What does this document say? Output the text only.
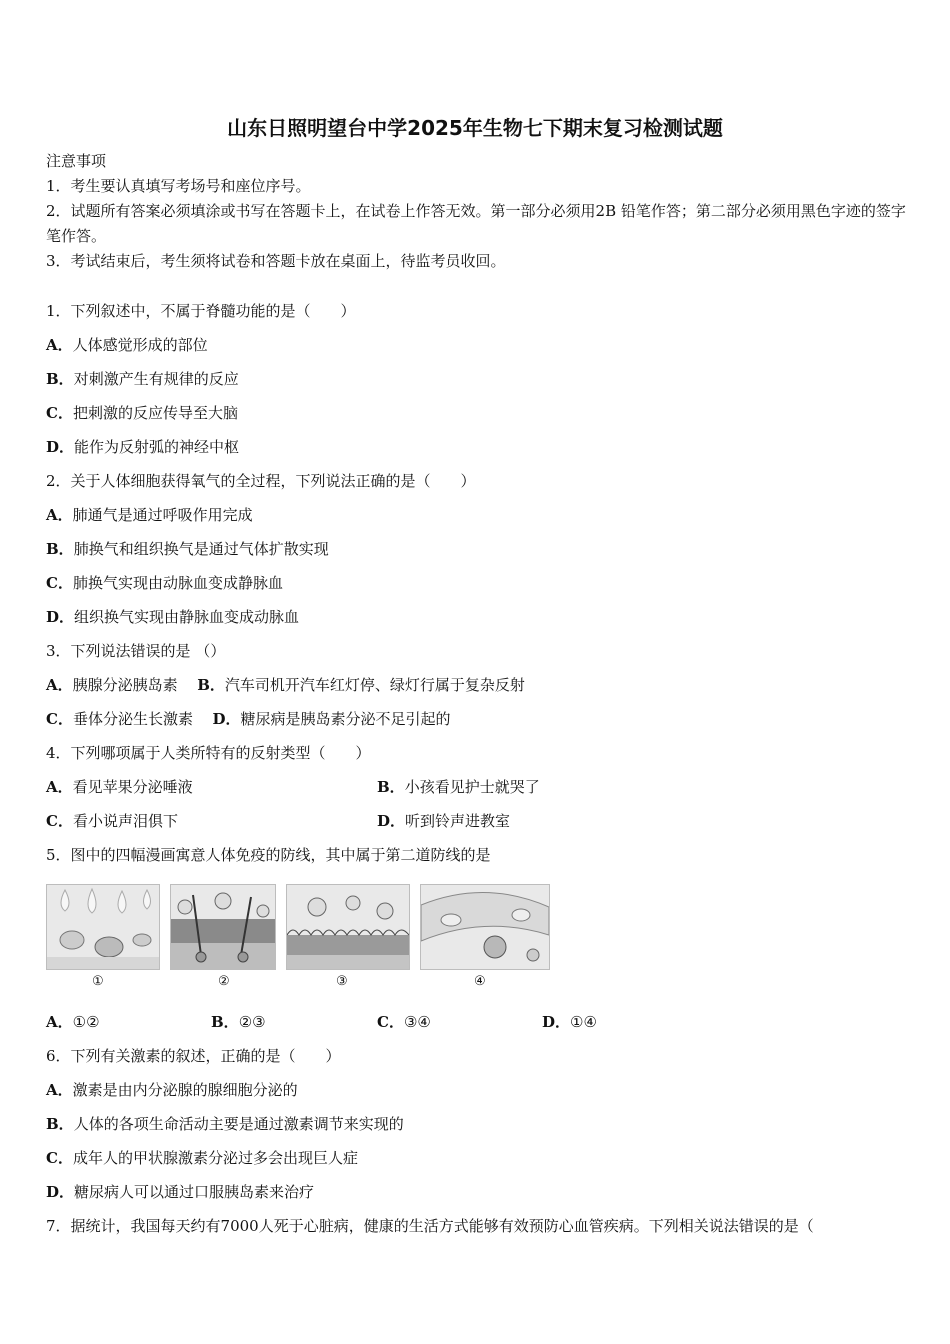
山东日照明望台中学2025年生物七下期末复习检测试题
注意事项
1．考生要认真填写考场号和座位序号。
2．试题所有答案必须填涂或书写在答题卡上，在试卷上作答无效。第一部分必须用2B 铅笔作答；第二部分必须用黑色字迹的签字笔作答。
3．考试结束后，考生须将试卷和答题卡放在桌面上，待监考员收回。
1．下列叙述中，不属于脊髓功能的是（　　）
A．人体感觉形成的部位
B．对刺激产生有规律的反应
C．把刺激的反应传导至大脑
D．能作为反射弧的神经中枢
2．关于人体细胞获得氧气的全过程，下列说法正确的是（　　）
A．肺通气是通过呼吸作用完成
B．肺换气和组织换气是通过气体扩散实现
C．肺换气实现由动脉血变成静脉血
D．组织换气实现由静脉血变成动脉血
3．下列说法错误的是 （）
A．胰腺分泌胰岛素 B．汽车司机开汽车红灯停、绿灯行属于复杂反射
C．垂体分泌生长激素 D．糖尿病是胰岛素分泌不足引起的
4．下列哪项属于人类所特有的反射类型（　　）
A．看见苹果分泌唾液	B．小孩看见护士就哭了
C．看小说声泪俱下	D．听到铃声进教室
5．图中的四幅漫画寓意人体免疫的防线，其中属于第二道防线的是
①	②	③	④
A．①②	B．②③	C．③④	D．①④
6．下列有关激素的叙述，正确的是（　　）
A．激素是由内分泌腺的腺细胞分泌的
B．人体的各项生命活动主要是通过激素调节来实现的
C．成年人的甲状腺激素分泌过多会出现巨人症
D．糖尿病人可以通过口服胰岛素来治疗
7．据统计，我国每天约有7000人死于心脏病，健康的生活方式能够有效预防心血管疾病。下列相关说法错误的是（
